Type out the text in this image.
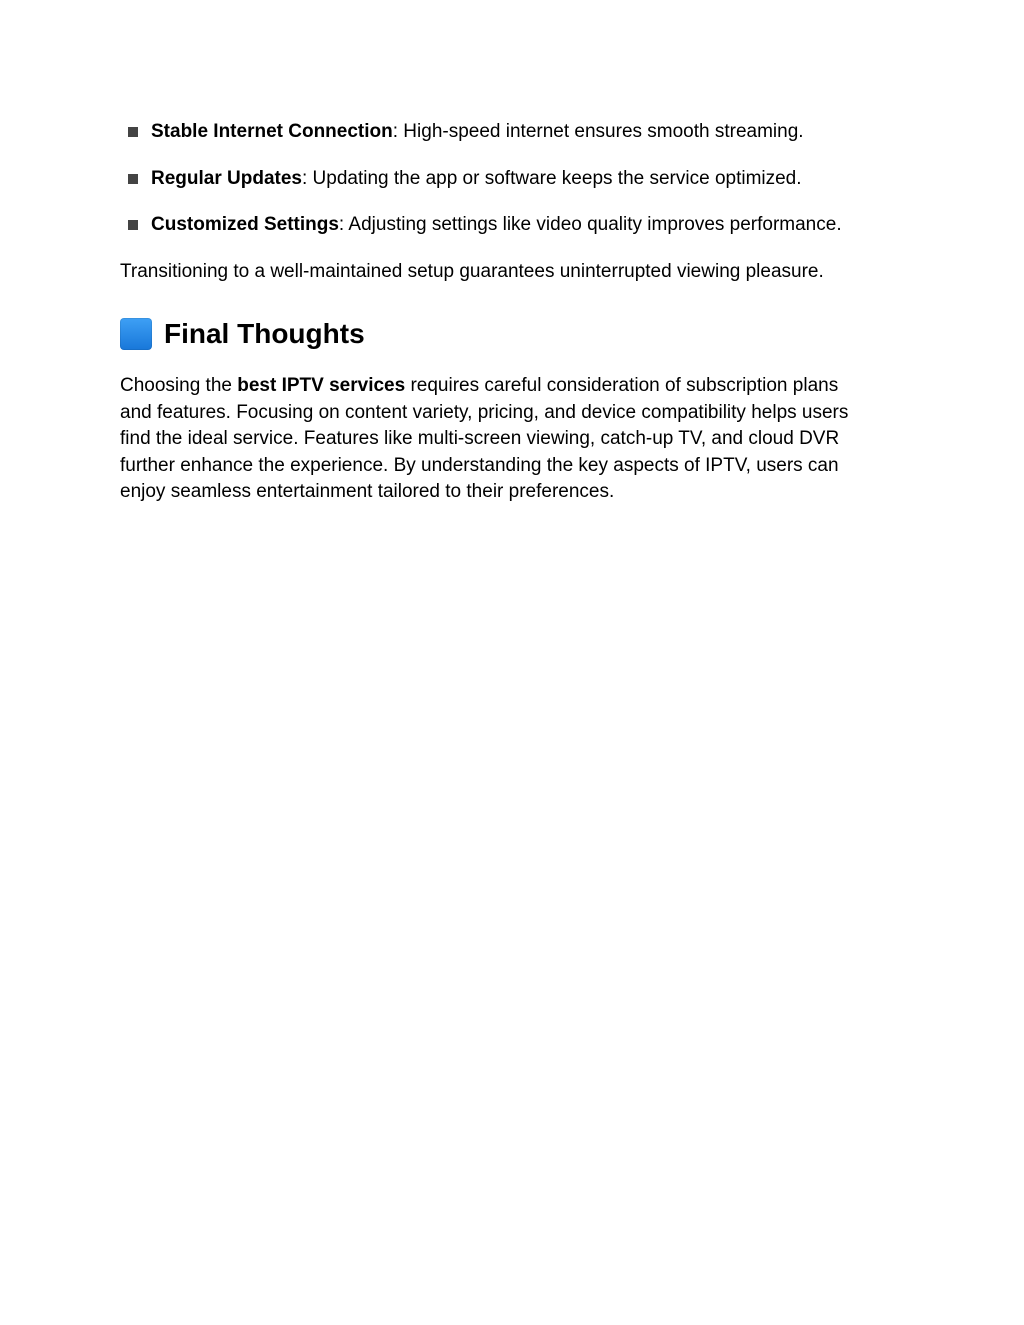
Stable Internet Connection: High-speed internet ensures smooth streaming.
Regular Updates: Updating the app or software keeps the service optimized.
Customized Settings: Adjusting settings like video quality improves performance.

Transitioning to a well-maintained setup guarantees uninterrupted viewing pleasure.

Final Thoughts

Choosing the best IPTV services requires careful consideration of subscription plans
and features. Focusing on content variety, pricing, and device compatibility helps users
find the ideal service. Features like multi-screen viewing, catch-up TV, and cloud DVR
further enhance the experience. By understanding the key aspects of IPTV, users can
enjoy seamless entertainment tailored to their preferences.
